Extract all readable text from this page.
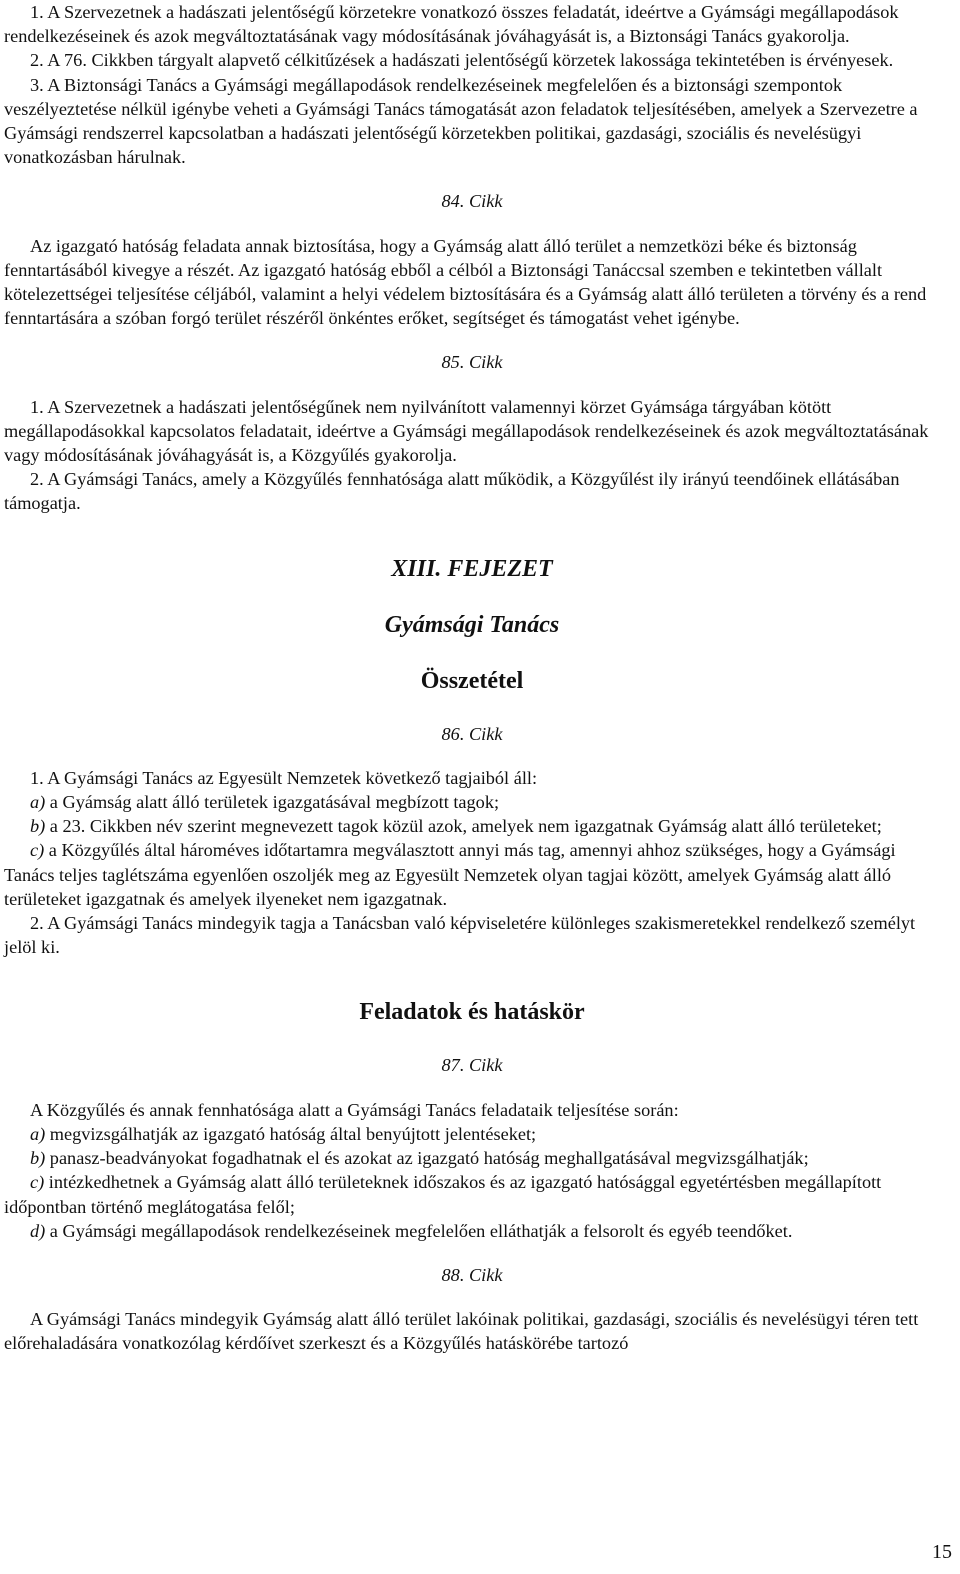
1. A Szervezetnek a hadászati jelentőségű körzetekre vonatkozó összes feladatát, ideértve a Gyámsági megállapodások rendelkezéseinek és azok megváltoztatásának vagy módosításának jóváhagyását is, a Biztonsági Tanács gyakorolja.

2. A 76. Cikkben tárgyalt alapvető célkitűzések a hadászati jelentőségű körzetek lakossága tekintetében is érvényesek.

3. A Biztonsági Tanács a Gyámsági megállapodások rendelkezéseinek megfelelően és a biztonsági szempontok veszélyeztetése nélkül igénybe veheti a Gyámsági Tanács támogatását azon feladatok teljesítésében, amelyek a Szervezetre a Gyámsági rendszerrel kapcsolatban a hadászati jelentőségű körzetekben politikai, gazdasági, szociális és nevelésügyi vonatkozásban hárulnak.

84. Cikk

Az igazgató hatóság feladata annak biztosítása, hogy a Gyámság alatt álló terület a nemzetközi béke és biztonság fenntartásából kivegye a részét. Az igazgató hatóság ebből a célból a Biztonsági Tanáccsal szemben e tekintetben vállalt kötelezettségei teljesítése céljából, valamint a helyi védelem biztosítására és a Gyámság alatt álló területen a törvény és a rend fenntartására a szóban forgó terület részéről önkéntes erőket, segítséget és támogatást vehet igénybe.

85. Cikk

1. A Szervezetnek a hadászati jelentőségűnek nem nyilvánított valamennyi körzet Gyámsága tárgyában kötött megállapodásokkal kapcsolatos feladatait, ideértve a Gyámsági megállapodások rendelkezéseinek és azok megváltoztatásának vagy módosításának jóváhagyását is, a Közgyűlés gyakorolja.

2. A Gyámsági Tanács, amely a Közgyűlés fennhatósága alatt működik, a Közgyűlést ily irányú teendőinek ellátásában támogatja.

XIII. FEJEZET

Gyámsági Tanács

Összetétel

86. Cikk

1. A Gyámsági Tanács az Egyesült Nemzetek következő tagjaiból áll:

a) a Gyámság alatt álló területek igazgatásával megbízott tagok;

b) a 23. Cikkben név szerint megnevezett tagok közül azok, amelyek nem igazgatnak Gyámság alatt álló területeket;

c) a Közgyűlés által hároméves időtartamra megválasztott annyi más tag, amennyi ahhoz szükséges, hogy a Gyámsági Tanács teljes taglétszáma egyenlően oszoljék meg az Egyesült Nemzetek olyan tagjai között, amelyek Gyámság alatt álló területeket igazgatnak és amelyek ilyeneket nem igazgatnak.

2. A Gyámsági Tanács mindegyik tagja a Tanácsban való képviseletére különleges szakismeretekkel rendelkező személyt jelöl ki.

Feladatok és hatáskör

87. Cikk

A Közgyűlés és annak fennhatósága alatt a Gyámsági Tanács feladataik teljesítése során:

a) megvizsgálhatják az igazgató hatóság által benyújtott jelentéseket;

b) panasz-beadványokat fogadhatnak el és azokat az igazgató hatóság meghallgatásával megvizsgálhatják;

c) intézkedhetnek a Gyámság alatt álló területeknek időszakos és az igazgató hatósággal egyetértésben megállapított időpontban történő meglátogatása felől;

d) a Gyámsági megállapodások rendelkezéseinek megfelelően elláthatják a felsorolt és egyéb teendőket.

88. Cikk

A Gyámsági Tanács mindegyik Gyámság alatt álló terület lakóinak politikai, gazdasági, szociális és nevelésügyi téren tett előrehaladására vonatkozólag kérdőívet szerkeszt és a Közgyűlés hatáskörébe tartozó

15
